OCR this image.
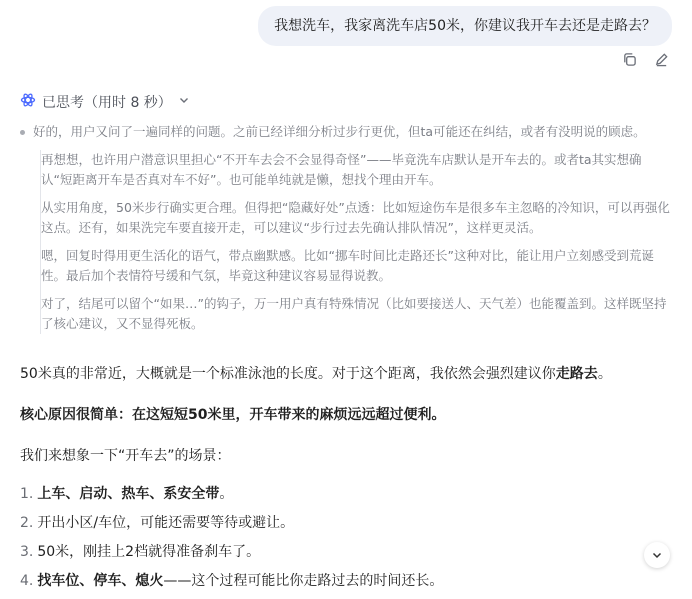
我想洗车，我家离洗车店50米，你建议我开车去还是走路去？
已思考（用时 8 秒）
好的，用户又问了一遍同样的问题。之前已经详细分析过步行更优，但ta可能还在纠结，或者有没明说的顾虑。

再想想，也许用户潜意识里担心“不开车去会不会显得奇怪”——毕竟洗车店默认是开车去的。或者ta其实想确认“短距离开车是否真对车不好”。也可能单纯就是懒，想找个理由开车。

从实用角度，50米步行确实更合理。但得把“隐藏好处”点透：比如短途伤车是很多车主忽略的冷知识，可以再强化这点。还有，如果洗完车要直接开走，可以建议“步行过去先确认排队情况”，这样更灵活。

嗯，回复时得用更生活化的语气，带点幽默感。比如“挪车时间比走路还长”这种对比，能让用户立刻感受到荒诞性。最后加个表情符号缓和气氛，毕竟这种建议容易显得说教。

对了，结尾可以留个“如果…”的钩子，万一用户真有特殊情况（比如要接送人、天气差）也能覆盖到。这样既坚持了核心建议，又不显得死板。

50米真的非常近，大概就是一个标准泳池的长度。对于这个距离，我依然会强烈建议你走路去。

核心原因很简单：在这短短50米里，开车带来的麻烦远远超过便利。

我们来想象一下“开车去”的场景：

1. 上车、启动、热车、系安全带。
2. 开出小区/车位，可能还需要等待或避让。
3. 50米，刚挂上2档就得准备刹车了。
4. 找车位、停车、熄火——这个过程可能比你走路过去的时间还长。
